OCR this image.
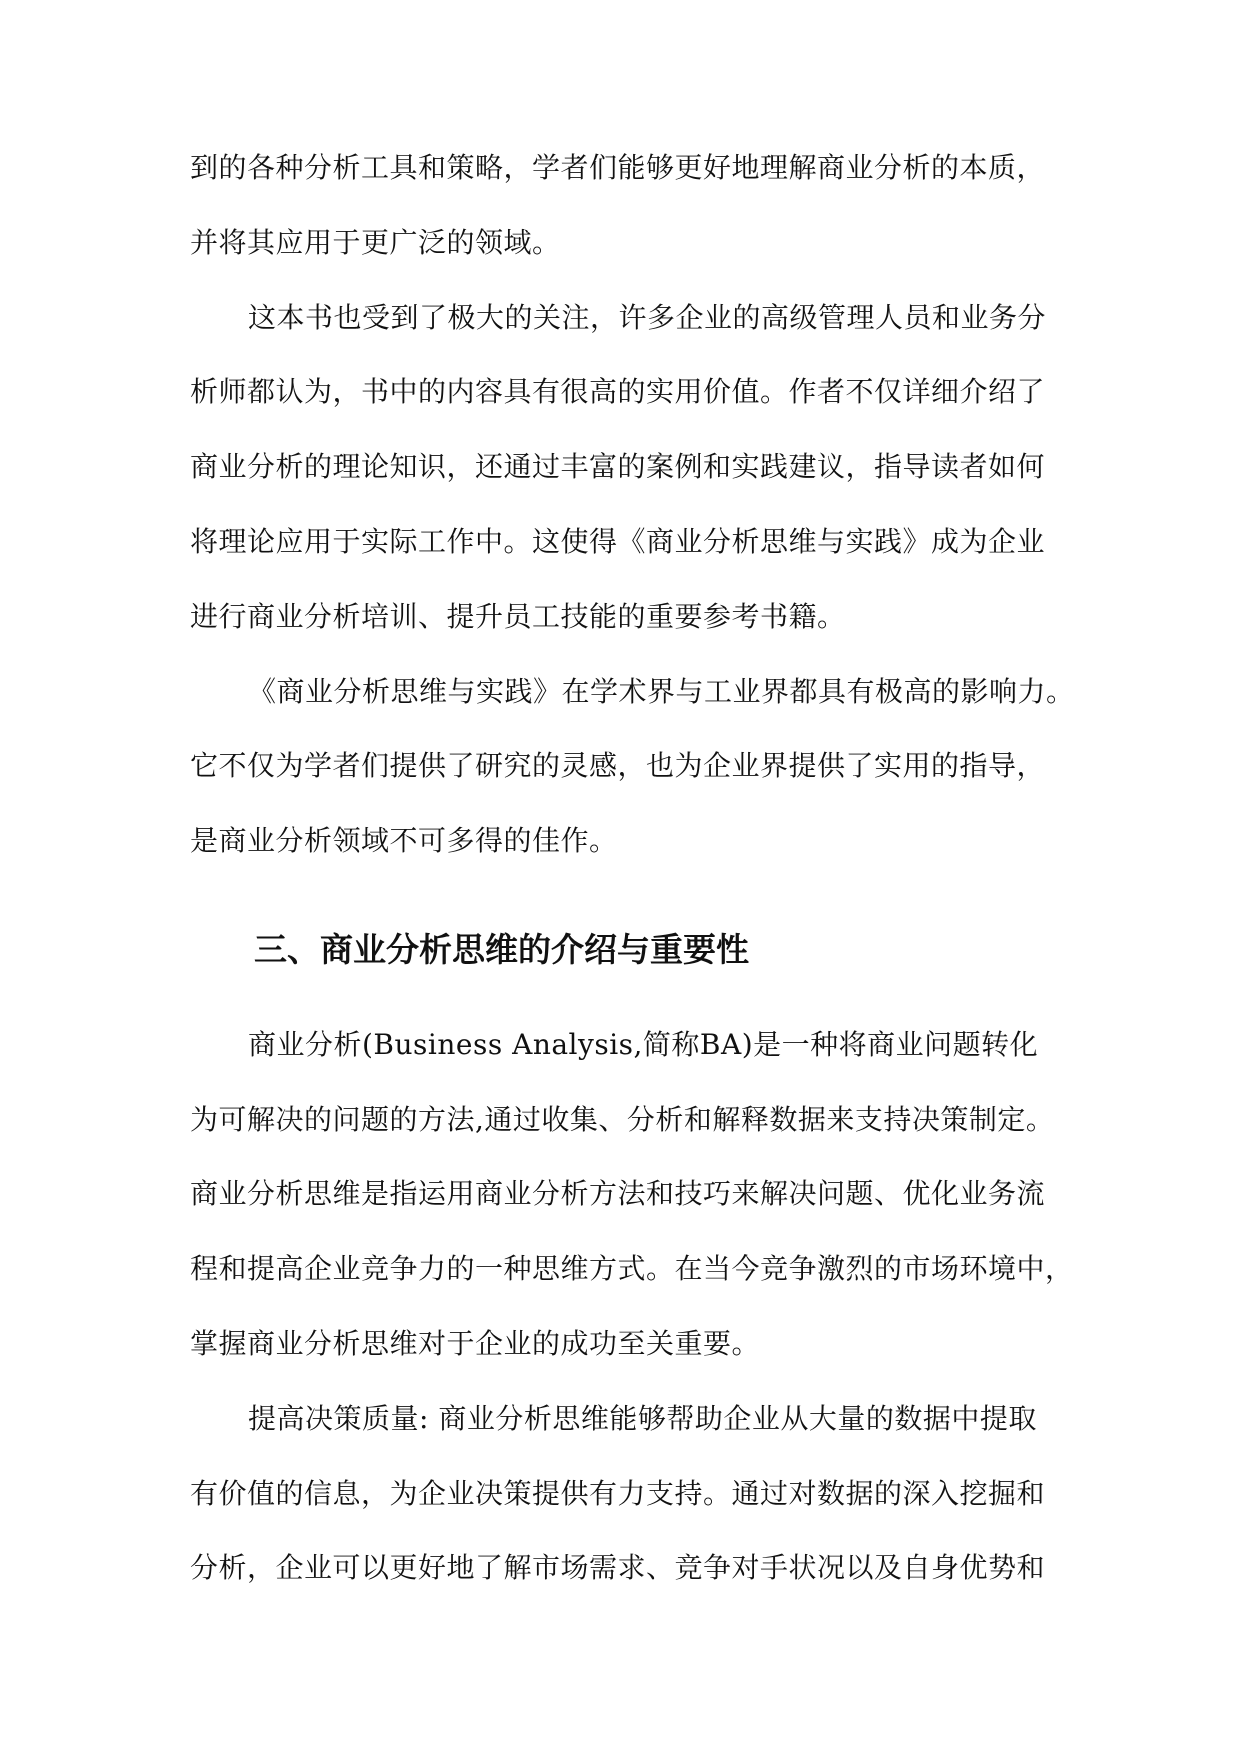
到的各种分析工具和策略，学者们能够更好地理解商业分析的本质，
并将其应用于更广泛的领域。
这本书也受到了极大的关注，许多企业的高级管理人员和业务分
析师都认为，书中的内容具有很高的实用价值。作者不仅详细介绍了
商业分析的理论知识，还通过丰富的案例和实践建议，指导读者如何
将理论应用于实际工作中。这使得《商业分析思维与实践》成为企业
进行商业分析培训、提升员工技能的重要参考书籍。
《商业分析思维与实践》在学术界与工业界都具有极高的影响力。
它不仅为学者们提供了研究的灵感，也为企业界提供了实用的指导，
是商业分析领域不可多得的佳作。
三、商业分析思维的介绍与重要性
商业分析(Business Analysis,简称BA)是一种将商业问题转化
为可解决的问题的方法,通过收集、分析和解释数据来支持决策制定。
商业分析思维是指运用商业分析方法和技巧来解决问题、优化业务流
程和提高企业竞争力的一种思维方式。在当今竞争激烈的市场环境中，
掌握商业分析思维对于企业的成功至关重要。
提高决策质量: 商业分析思维能够帮助企业从大量的数据中提取
有价值的信息，为企业决策提供有力支持。通过对数据的深入挖掘和
分析，企业可以更好地了解市场需求、竞争对手状况以及自身优势和
